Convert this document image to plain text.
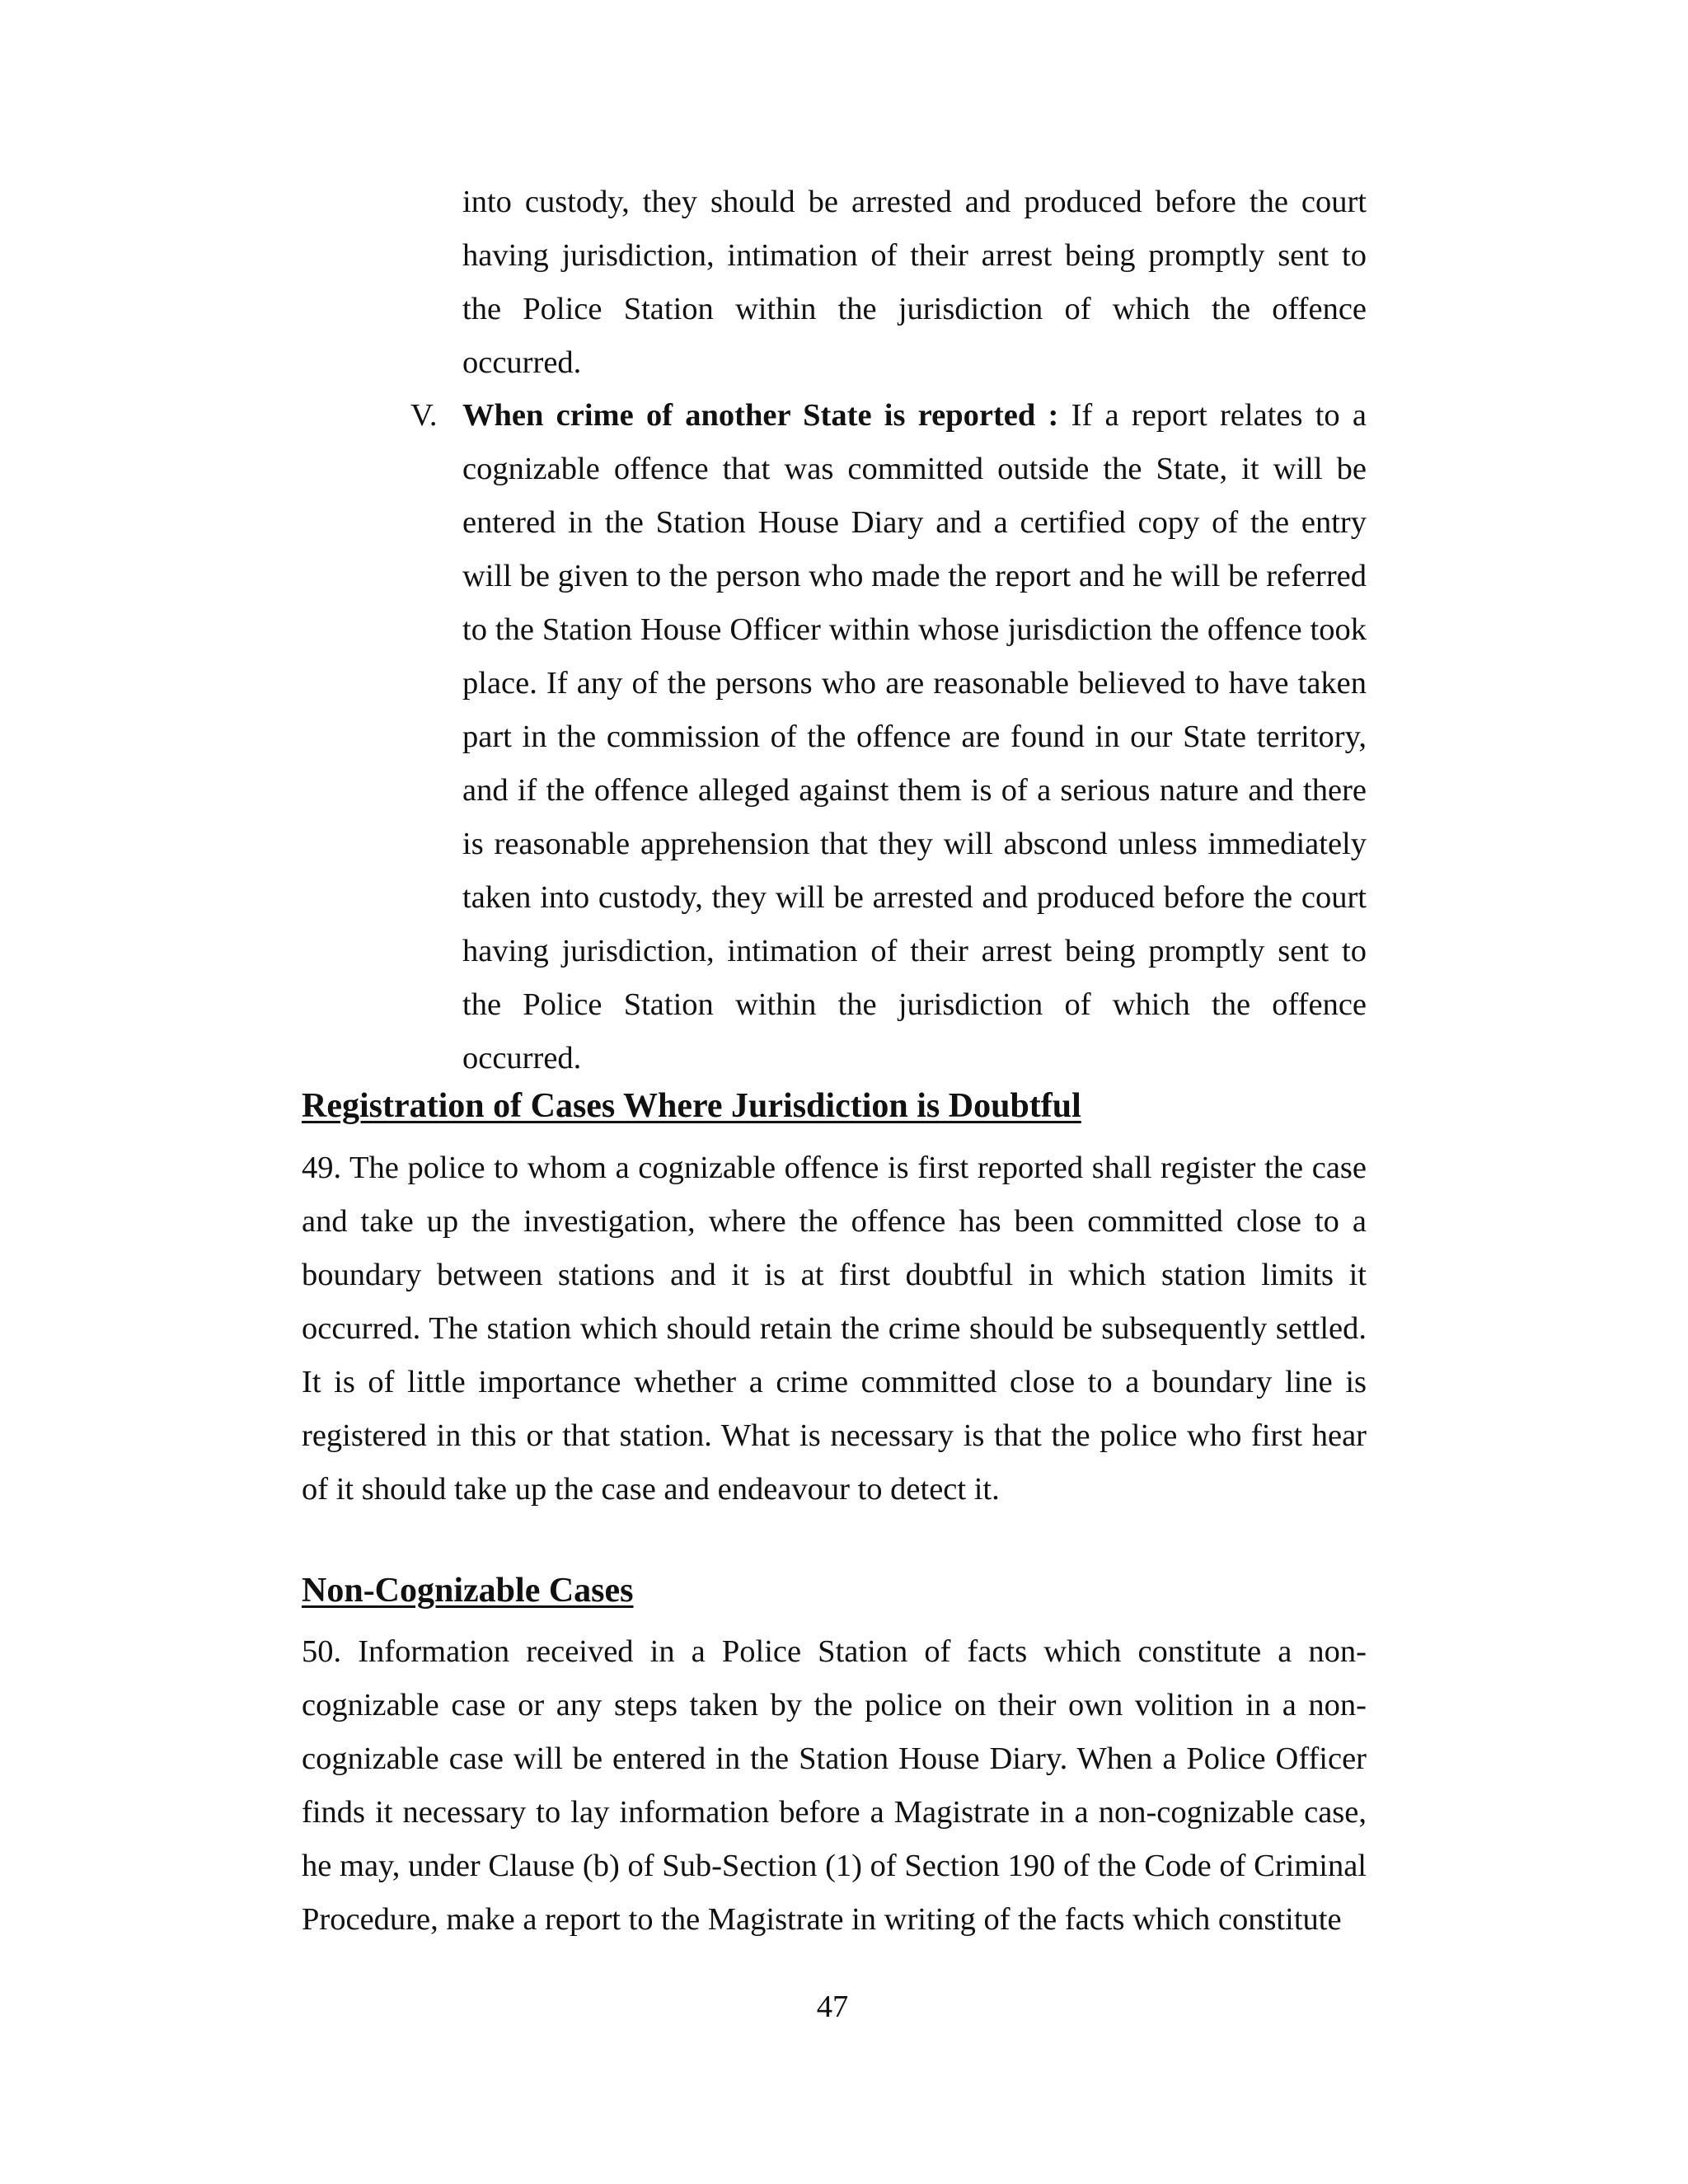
into custody, they should be arrested and produced before the court having jurisdiction, intimation of their arrest being promptly sent to the Police Station within the jurisdiction of which the offence occurred.

V. When crime of another State is reported : If a report relates to a cognizable offence that was committed outside the State, it will be entered in the Station House Diary and a certified copy of the entry will be given to the person who made the report and he will be referred to the Station House Officer within whose jurisdiction the offence took place. If any of the persons who are reasonable believed to have taken part in the commission of the offence are found in our State territory, and if the offence alleged against them is of a serious nature and there is reasonable apprehension that they will abscond unless immediately taken into custody, they will be arrested and produced before the court having jurisdiction, intimation of their arrest being promptly sent to the Police Station within the jurisdiction of which the offence occurred.

Registration of Cases Where Jurisdiction is Doubtful

49. The police to whom a cognizable offence is first reported shall register the case and take up the investigation, where the offence has been committed close to a boundary between stations and it is at first doubtful in which station limits it occurred. The station which should retain the crime should be subsequently settled. It is of little importance whether a crime committed close to a boundary line is registered in this or that station. What is necessary is that the police who first hear of it should take up the case and endeavour to detect it.

Non-Cognizable Cases

50. Information received in a Police Station of facts which constitute a non-cognizable case or any steps taken by the police on their own volition in a non-cognizable case will be entered in the Station House Diary. When a Police Officer finds it necessary to lay information before a Magistrate in a non-cognizable case, he may, under Clause (b) of Sub-Section (1) of Section 190 of the Code of Criminal Procedure, make a report to the Magistrate in writing of the facts which constitute

47
